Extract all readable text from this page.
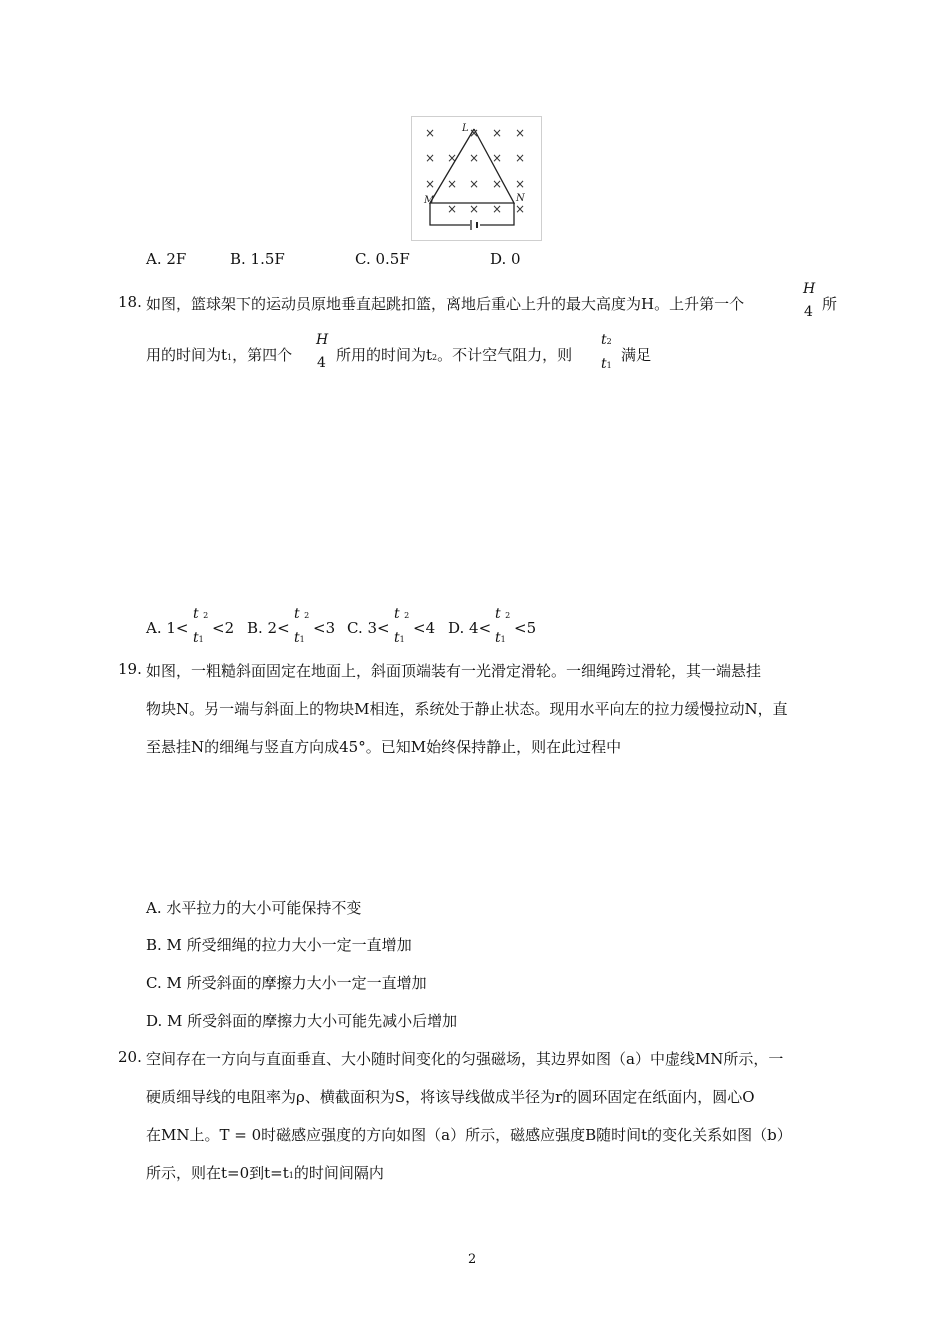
×	× × ×
× × × × ×
× × × × ×
× × × ×
L
M	N
A. 2F	B. 1.5F	C. 0.5F	D. 0
18. 如图，篮球架下的运动员原地垂直起跳扣篮，离地后重心上升的最大高度为H。上升第一个
H
4 所
用的时间为t1，第四个
H
4 所用的时间为t2。不计空气阻力，则
t2
t1
满足
A. 1<
t 2
t1
<2 B. 2<
t 2
t1
<3 C. 3<
t 2
t1
<4 D. 4<
t 2
t1
<5
19. 如图，一粗糙斜面固定在地面上，斜面顶端装有一光滑定滑轮。一细绳跨过滑轮，其一端悬挂
物块N。另一端与斜面上的物块M相连，系统处于静止状态。现用水平向左的拉力缓慢拉动N，直
至悬挂N的细绳与竖直方向成45°。已知M始终保持静止，则在此过程中
A. 水平拉力的大小可能保持不变
B. M 所受细绳的拉力大小一定一直增加
C. M 所受斜面的摩擦力大小一定一直增加
D. M 所受斜面的摩擦力大小可能先减小后增加
20. 空间存在一方向与直面垂直、大小随时间变化的匀强磁场，其边界如图（a）中虚线MN所示，一
硬质细导线的电阻率为ρ、横截面积为S，将该导线做成半径为r的圆环固定在纸面内，圆心O
在MN上。T = 0时磁感应强度的方向如图（a）所示，磁感应强度B随时间t的变化关系如图（b）
所示，则在t=0到t=t1的时间间隔内
2
